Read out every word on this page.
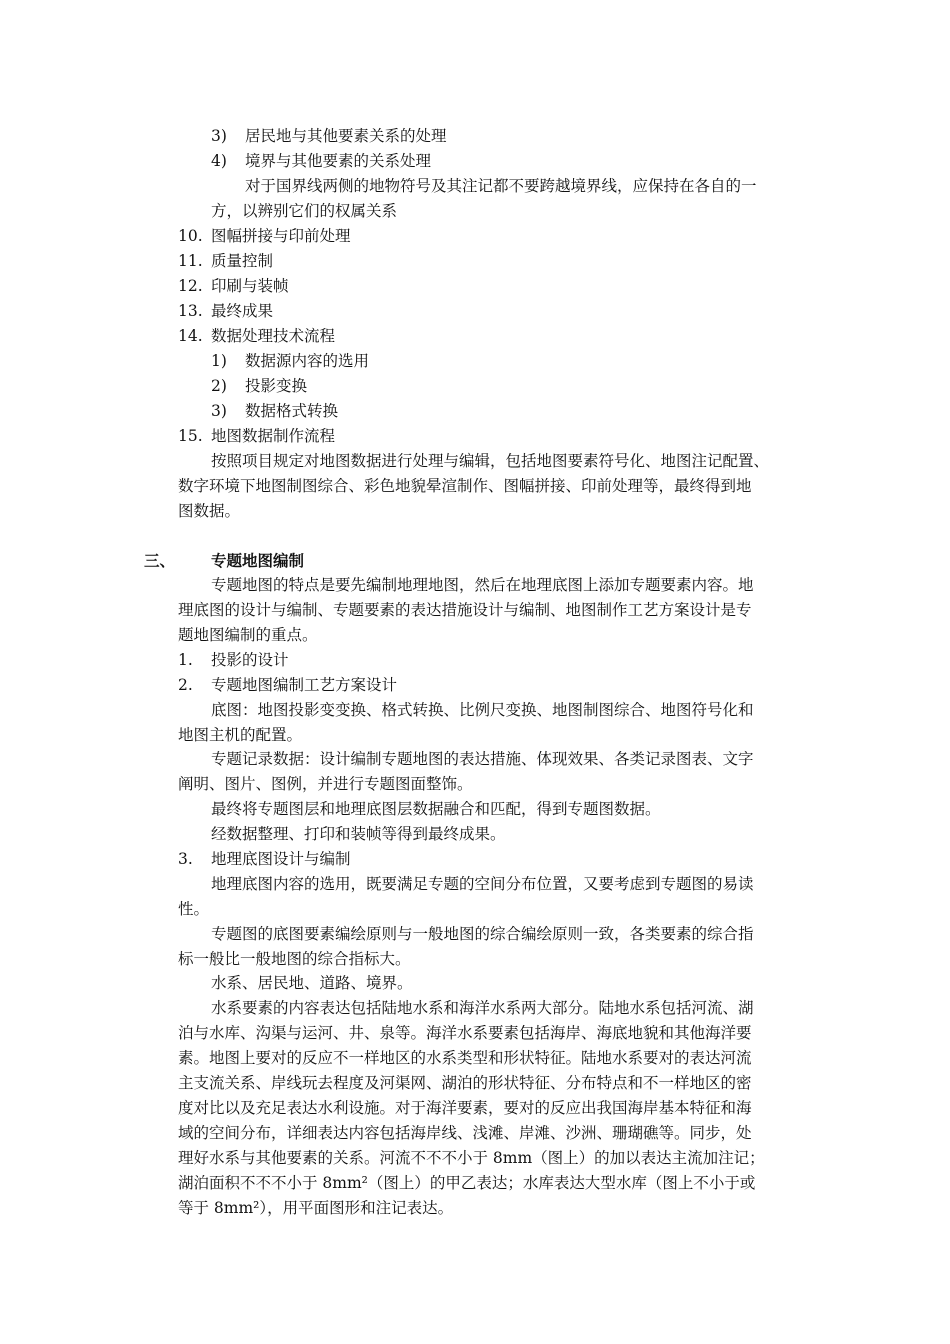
3) 居民地与其他要素关系的处理
4) 境界与其他要素的关系处理
对于国界线两侧的地物符号及其注记都不要跨越境界线，应保持在各自的一
方，以辨别它们的权属关系
10. 图幅拼接与印前处理
11. 质量控制
12. 印刷与装帧
13. 最终成果
14. 数据处理技术流程
1) 数据源内容的选用
2) 投影变换
3) 数据格式转换
15. 地图数据制作流程
按照项目规定对地图数据进行处理与编辑，包括地图要素符号化、地图注记配置、
数字环境下地图制图综合、彩色地貌晕渲制作、图幅拼接、印前处理等，最终得到地
图数据。
三、 专题地图编制
专题地图的特点是要先编制地理地图，然后在地理底图上添加专题要素内容。地
理底图的设计与编制、专题要素的表达措施设计与编制、地图制作工艺方案设计是专
题地图编制的重点。
1. 投影的设计
2. 专题地图编制工艺方案设计
底图：地图投影变变换、格式转换、比例尺变换、地图制图综合、地图符号化和
地图主机的配置。
专题记录数据：设计编制专题地图的表达措施、体现效果、各类记录图表、文字
阐明、图片、图例，并进行专题图面整饰。
最终将专题图层和地理底图层数据融合和匹配，得到专题图数据。
经数据整理、打印和装帧等得到最终成果。
3. 地理底图设计与编制
地理底图内容的选用，既要满足专题的空间分布位置，又要考虑到专题图的易读
性。
专题图的底图要素编绘原则与一般地图的综合编绘原则一致，各类要素的综合指
标一般比一般地图的综合指标大。
水系、居民地、道路、境界。
水系要素的内容表达包括陆地水系和海洋水系两大部分。陆地水系包括河流、湖
泊与水库、沟渠与运河、井、泉等。海洋水系要素包括海岸、海底地貌和其他海洋要
素。地图上要对的反应不一样地区的水系类型和形状特征。陆地水系要对的表达河流
主支流关系、岸线玩去程度及河渠网、湖泊的形状特征、分布特点和不一样地区的密
度对比以及充足表达水利设施。对于海洋要素，要对的反应出我国海岸基本特征和海
域的空间分布，详细表达内容包括海岸线、浅滩、岸滩、沙洲、珊瑚礁等。同步，处
理好水系与其他要素的关系。河流不不不小于 8mm（图上）的加以表达主流加注记；
湖泊面积不不不小于 8mm²（图上）的甲乙表达；水库表达大型水库（图上不小于或
等于 8mm²），用平面图形和注记表达。
